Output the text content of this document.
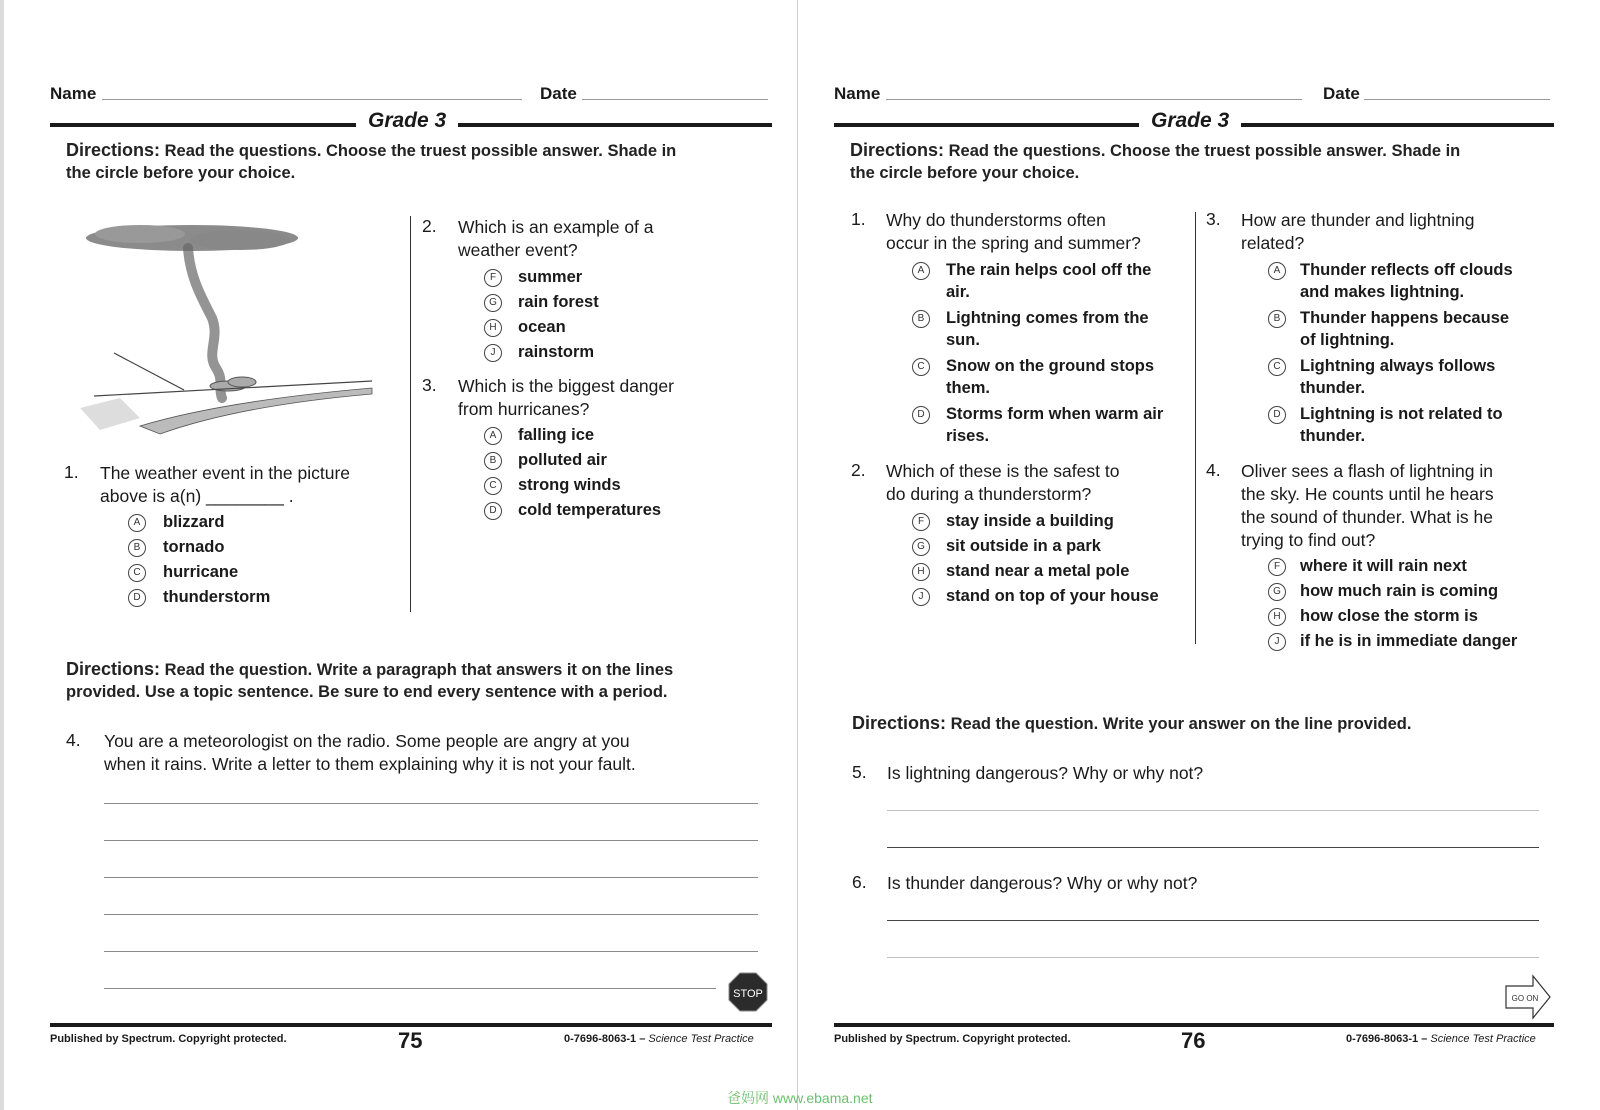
Name	Date
Grade 3
Directions: Read the questions. Choose the truest possible answer. Shade in
the circle before your choice.
1. The weather event in the picture
above is a(n) ________ .
A	blizzard
B	tornado
C	hurricane
D	thunderstorm
2. Which is an example of a
weather event?
F	summer
G	rain forest
H	ocean
J	rainstorm
3. Which is the biggest danger
from hurricanes?
A	falling ice
B	polluted air
C	strong winds
D	cold temperatures
Directions: Read the question. Write a paragraph that answers it on the lines
provided. Use a topic sentence. Be sure to end every sentence with a period.
4. You are a meteorologist on the radio. Some people are angry at you
when it rains. Write a letter to them explaining why it is not your fault.
STOP
Published by Spectrum. Copyright protected.	75	0-7696-8063-1 – Science Test Practice
Name	Date
Grade 3
Directions: Read the questions. Choose the truest possible answer. Shade in
the circle before your choice.
1. Why do thunderstorms often
occur in the spring and summer?
A	The rain helps cool off the
air.
B	Lightning comes from the
sun.
C	Snow on the ground stops
them.
D	Storms form when warm air
rises.
2. Which of these is the safest to
do during a thunderstorm?
F	stay inside a building
G	sit outside in a park
H	stand near a metal pole
J	stand on top of your house
3. How are thunder and lightning
related?
A	Thunder reflects off clouds
and makes lightning.
B	Thunder happens because
of lightning.
C	Lightning always follows
thunder.
D	Lightning is not related to
thunder.
4. Oliver sees a flash of lightning in
the sky. He counts until he hears
the sound of thunder. What is he
trying to find out?
F	where it will rain next
G	how much rain is coming
H	how close the storm is
J	if he is in immediate danger
Directions: Read the question. Write your answer on the line provided.
5. Is lightning dangerous? Why or why not?
6. Is thunder dangerous? Why or why not?
GO ON
Published by Spectrum. Copyright protected.	76	0-7696-8063-1 – Science Test Practice
爸妈网 www.ebama.net
